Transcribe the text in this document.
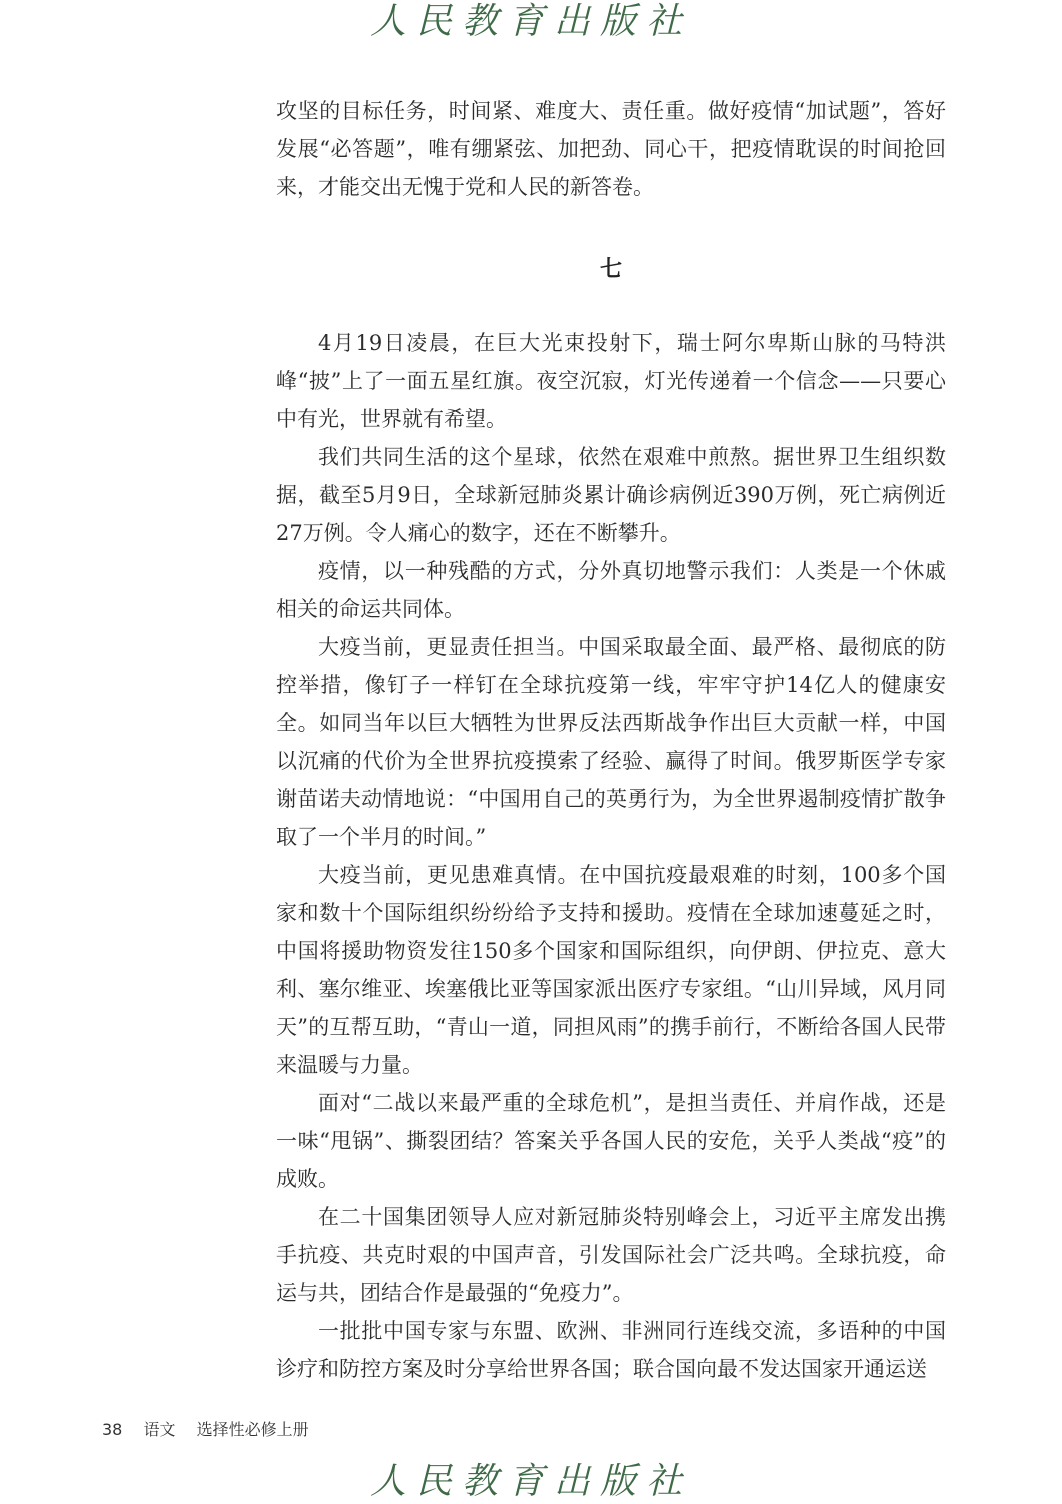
人民教育出版社

攻坚的目标任务，时间紧、难度大、责任重。做好疫情“加试题”，答好发展“必答题”，唯有绷紧弦、加把劲、同心干，把疫情耽误的时间抢回来，才能交出无愧于党和人民的新答卷。

七

4月19日凌晨，在巨大光束投射下，瑞士阿尔卑斯山脉的马特洪峰“披”上了一面五星红旗。夜空沉寂，灯光传递着一个信念——只要心中有光，世界就有希望。

我们共同生活的这个星球，依然在艰难中煎熬。据世界卫生组织数据，截至5月9日，全球新冠肺炎累计确诊病例近390万例，死亡病例近27万例。令人痛心的数字，还在不断攀升。

疫情，以一种残酷的方式，分外真切地警示我们：人类是一个休戚相关的命运共同体。

大疫当前，更显责任担当。中国采取最全面、最严格、最彻底的防控举措，像钉子一样钉在全球抗疫第一线，牢牢守护14亿人的健康安全。如同当年以巨大牺牲为世界反法西斯战争作出巨大贡献一样，中国以沉痛的代价为全世界抗疫摸索了经验、赢得了时间。俄罗斯医学专家谢苗诺夫动情地说：“中国用自己的英勇行为，为全世界遏制疫情扩散争取了一个半月的时间。”

大疫当前，更见患难真情。在中国抗疫最艰难的时刻，100多个国家和数十个国际组织纷纷给予支持和援助。疫情在全球加速蔓延之时，中国将援助物资发往150多个国家和国际组织，向伊朗、伊拉克、意大利、塞尔维亚、埃塞俄比亚等国家派出医疗专家组。“山川异域，风月同天”的互帮互助，“青山一道，同担风雨”的携手前行，不断给各国人民带来温暖与力量。

面对“二战以来最严重的全球危机”，是担当责任、并肩作战，还是一味“甩锅”、撕裂团结？答案关乎各国人民的安危，关乎人类战“疫”的成败。

在二十国集团领导人应对新冠肺炎特别峰会上，习近平主席发出携手抗疫、共克时艰的中国声音，引发国际社会广泛共鸣。全球抗疫，命运与共，团结合作是最强的“免疫力”。

一批批中国专家与东盟、欧洲、非洲同行连线交流，多语种的中国诊疗和防控方案及时分享给世界各国；联合国向最不发达国家开通运送

38 语文 选择性必修上册
人民教育出版社
